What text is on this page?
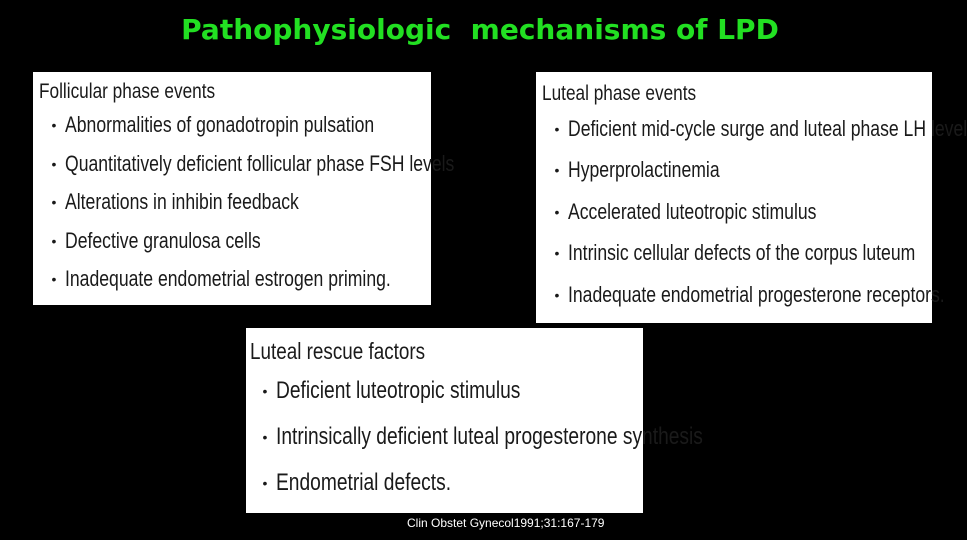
Pathophysiologic  mechanisms of LPD
Follicular phase events
• Abnormalities of gonadotropin pulsation
• Quantitatively deficient follicular phase FSH levels
• Alterations in inhibin feedback
• Defective granulosa cells
• Inadequate endometrial estrogen priming.
Luteal phase events
• Deficient mid-cycle surge and luteal phase LH level
• Hyperprolactinemia
• Accelerated luteotropic stimulus
• Intrinsic cellular defects of the corpus luteum
• Inadequate endometrial progesterone receptors.
Luteal rescue factors
• Deficient luteotropic stimulus
• Intrinsically deficient luteal progesterone synthesis
• Endometrial defects.
Clin Obstet Gynecol1991;31:167-179
